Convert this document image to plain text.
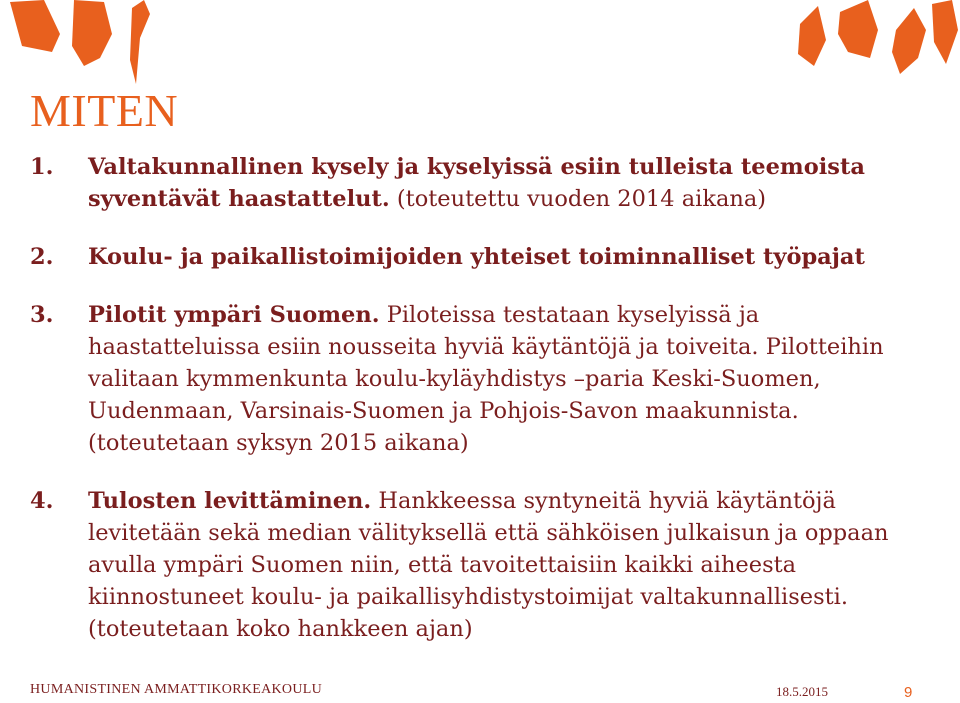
MITEN
1. Valtakunnallinen kysely ja kyselyissä esiin tulleista teemoista syventävät haastattelut. (toteutettu vuoden 2014 aikana)
2. Koulu- ja paikallistoimijoiden yhteiset toiminnalliset työpajat
3. Pilotit ympäri Suomen. Piloteissa testataan kyselyissä ja haastatteluissa esiin nousseita hyviä käytäntöjä ja toiveita. Pilotteihin valitaan kymmenkunta koulu-kyläyhdistys –paria Keski-Suomen, Uudenmaan, Varsinais-Suomen ja Pohjois-Savon maakunnista. (toteutetaan syksyn 2015 aikana)
4. Tulosten levittäminen. Hankkeessa syntyneitä hyviä käytäntöjä levitetään sekä median välityksellä että sähköisen julkaisun ja oppaan avulla ympäri Suomen niin, että tavoitettaisiin kaikki aiheesta kiinnostuneet koulu- ja paikallisyhdistystoimijat valtakunnallisesti. (toteutetaan koko hankkeen ajan)
HUMANISTINEN AMMATTIKORKEAKOULU	18.5.2015	9
